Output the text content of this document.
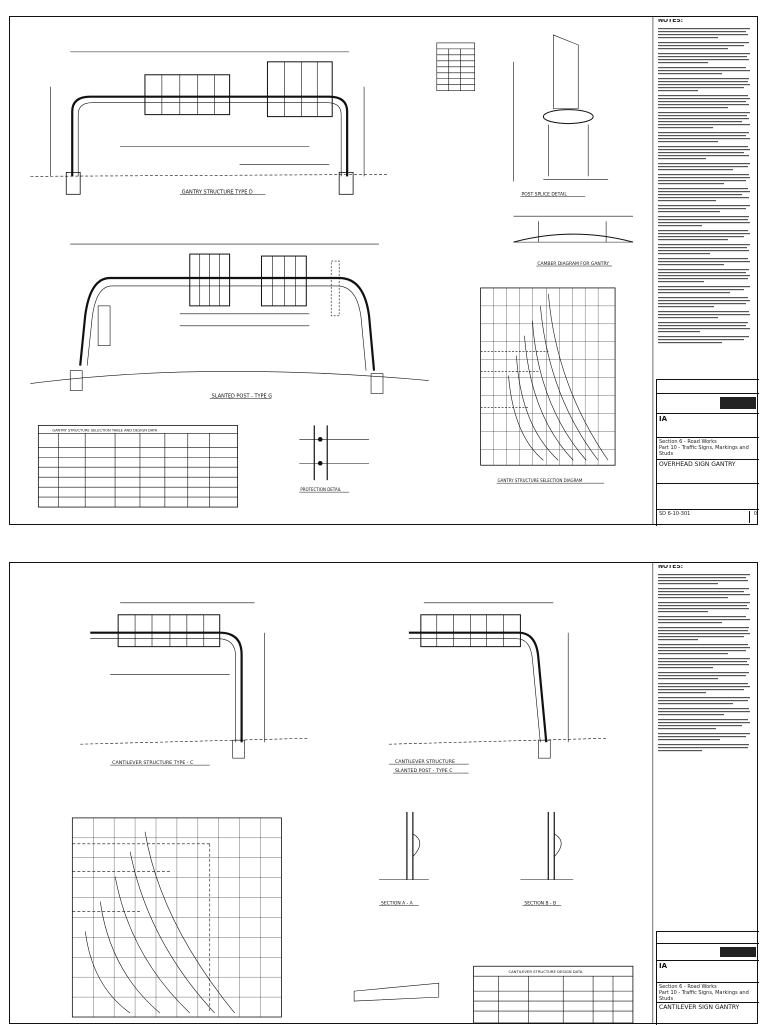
GANTRY STRUCTURE TYPE D
SLANTED POST - TYPE G
POST SPLICE DETAIL
CAMBER DIAGRAM FOR GANTRY
PROTECTION DETAIL
GANTRY STRUCTURE SELECTION DIAGRAM
GANTRY STRUCTURE SELECTION TABLE AND DESIGN DATA
NOTES:
IA
Section 6 - Road Works
Part 10 - Traffic Signs, Markings and Studs
OVERHEAD SIGN GANTRY
SD 6-10-301	0
CANTILEVER STRUCTURE TYPE - C	CANTILEVER STRUCTURE
SLANTED POST - TYPE C
SECTION A - A	SECTION B - B
CANTILEVER STRUCTURE DESIGN DATA
NOTES:
IA
Section 6 - Road Works
Part 10 - Traffic Signs, Markings and Studs
CANTILEVER SIGN GANTRY
